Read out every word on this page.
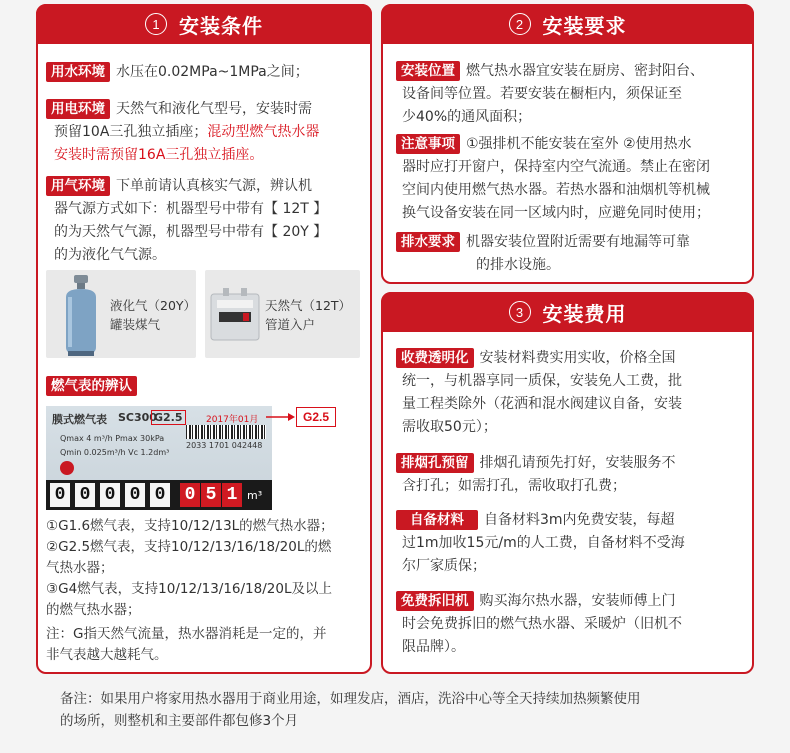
1 安装条件
用水环境 水压在0.02MPa~1MPa之间；
用电环境 天然气和液化气型号，安装时需
预留10A三孔独立插座；混动型燃气热水器
安装时需预留16A三孔独立插座。
用气环境 下单前请认真核实气源，辨认机
器气源方式如下：机器型号中带有【 12T 】
的为天然气气源，机器型号中带有【 20Y 】
的为液化气气源。
液化气（20Y）
罐装煤气
天然气（12T）
管道入户
燃气表的辨认
膜式燃气表 SC300
G2.5	2017年01月
Qmax 4 m³/h Pmax 30kPa
Qmin 0.025m³/h Vc 1.2dm³
2033 1701 042448
0 0 0 0 0 0 5 1 m³
G2.5
①G1.6燃气表，支持10/12/13L的燃气热水器；
②G2.5燃气表，支持10/12/13/16/18/20L的燃
气热水器；
③G4燃气表，支持10/12/13/16/18/20L及以上
的燃气热水器；
注：G指天然气流量，热水器消耗是一定的，并
非气表越大越耗气。
2 安装要求
安装位置 燃气热水器宜安装在厨房、密封阳台、
设备间等位置。若要安装在橱柜内，须保证至
少40%的通风面积；
注意事项 ①强排机不能安装在室外 ②使用热水
器时应打开窗户，保持室内空气流通。禁止在密闭
空间内使用燃气热水器。若热水器和油烟机等机械
换气设备安装在同一区域内时，应避免同时使用；
排水要求 机器安装位置附近需要有地漏等可靠
的排水设施。
3 安装费用
收费透明化 安装材料费实用实收，价格全国
统一，与机器享同一质保，安装免人工费，批
量工程类除外（花洒和混水阀建议自备，安装
需收取50元）；
排烟孔预留 排烟孔请预先打好，安装服务不
含打孔；如需打孔，需收取打孔费；
自备材料 自备材料3m内免费安装，每超
过1m加收15元/m的人工费，自备材料不受海
尔厂家质保；
免费拆旧机 购买海尔热水器，安装师傅上门
时会免费拆旧的燃气热水器、采暖炉（旧机不
限品牌）。
备注：如果用户将家用热水器用于商业用途，如理发店，酒店，洗浴中心等全天持续加热频繁使用
的场所，则整机和主要部件都包修3个月
